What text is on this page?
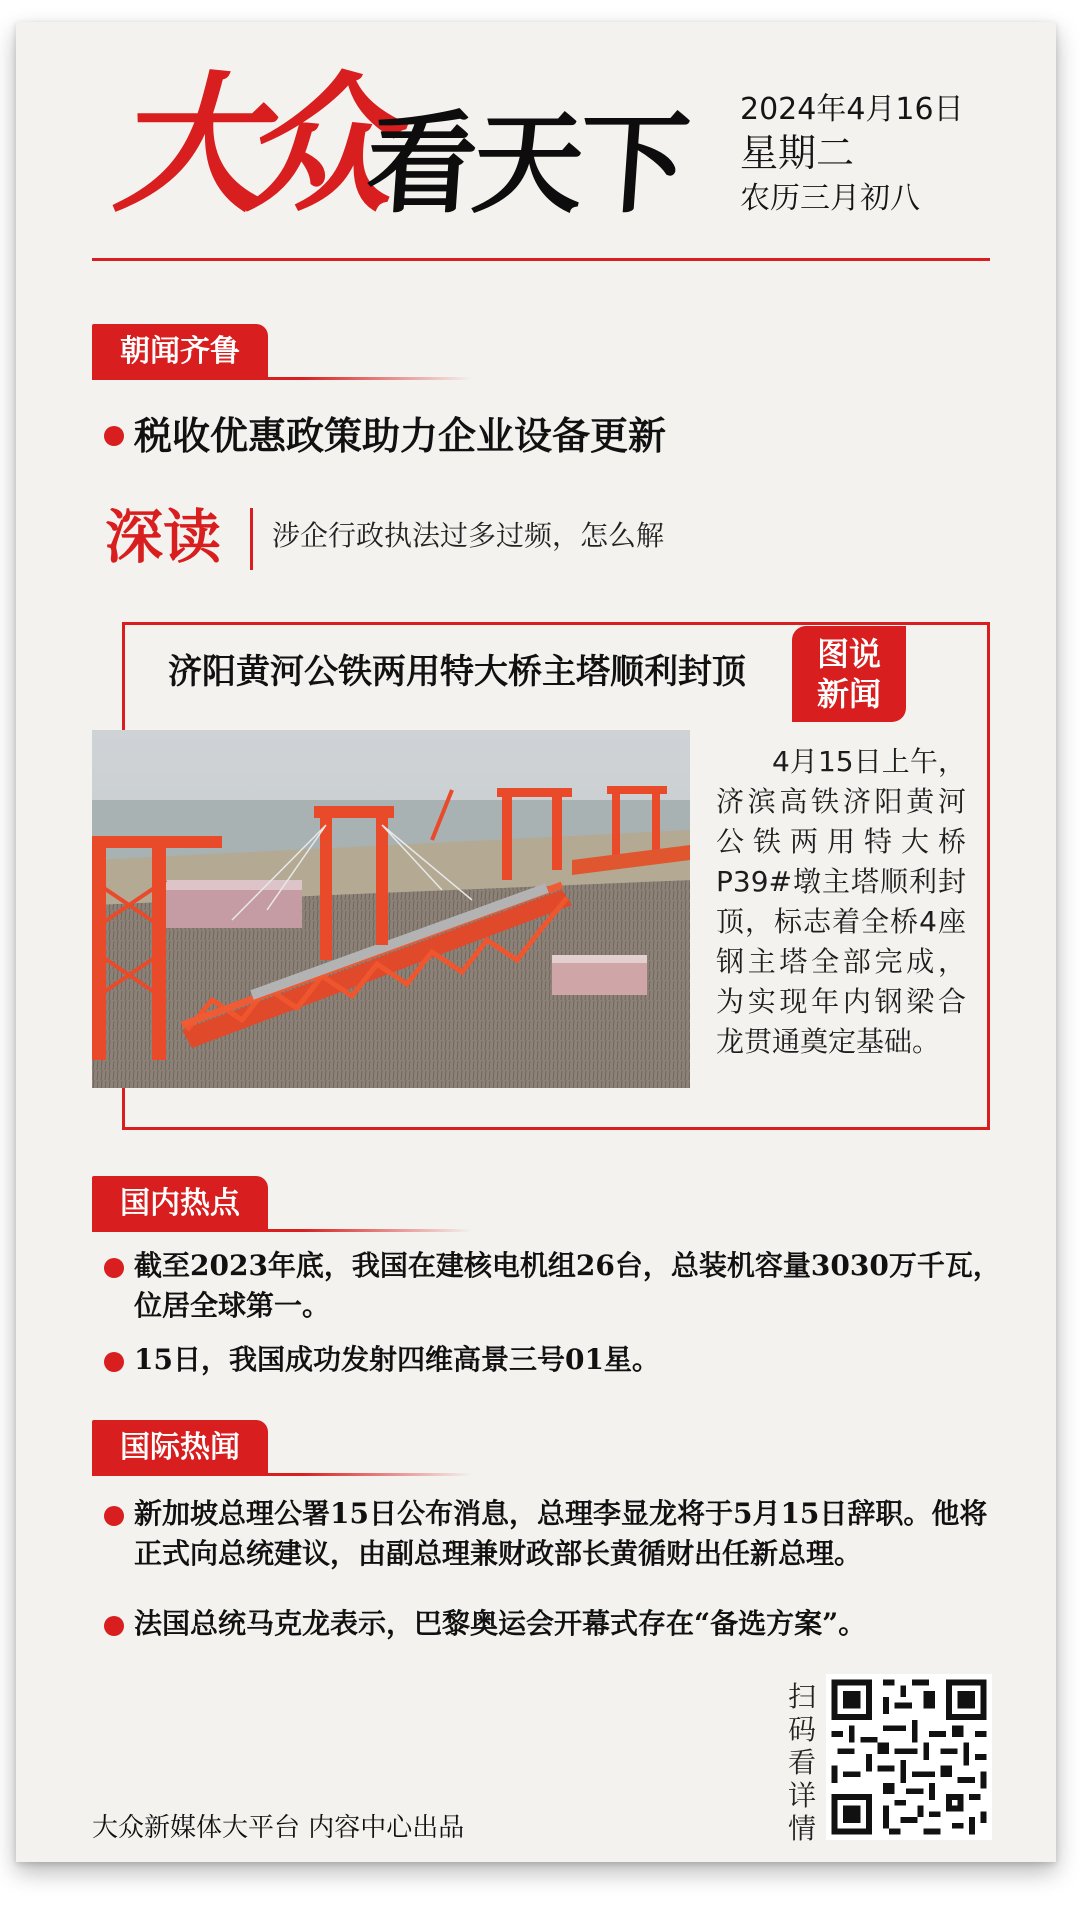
大众
看天下 2024年4月16日
星期二
农历三月初八
朝闻齐鲁
税收优惠政策助力企业设备更新
深读 涉企行政执法过多过频，怎么解
济阳黄河公铁两用特大桥主塔顺利封顶	图说
新闻
4月15日上午，济滨高铁济阳黄河公铁两用特大桥P39#墩主塔顺利封顶，标志着全桥4座钢主塔全部完成，为实现年内钢梁合龙贯通奠定基础。
国内热点
截至2023年底，我国在建核电机组26台，总装机容量3030万千瓦，位居全球第一。
15日，我国成功发射四维高景三号01星。
国际热闻
新加坡总理公署15日公布消息，总理李显龙将于5月15日辞职。他将正式向总统建议，由副总理兼财政部长黄循财出任新总理。
法国总统马克龙表示，巴黎奥运会开幕式存在“备选方案”。
扫码看详情
大众新媒体大平台 内容中心出品
